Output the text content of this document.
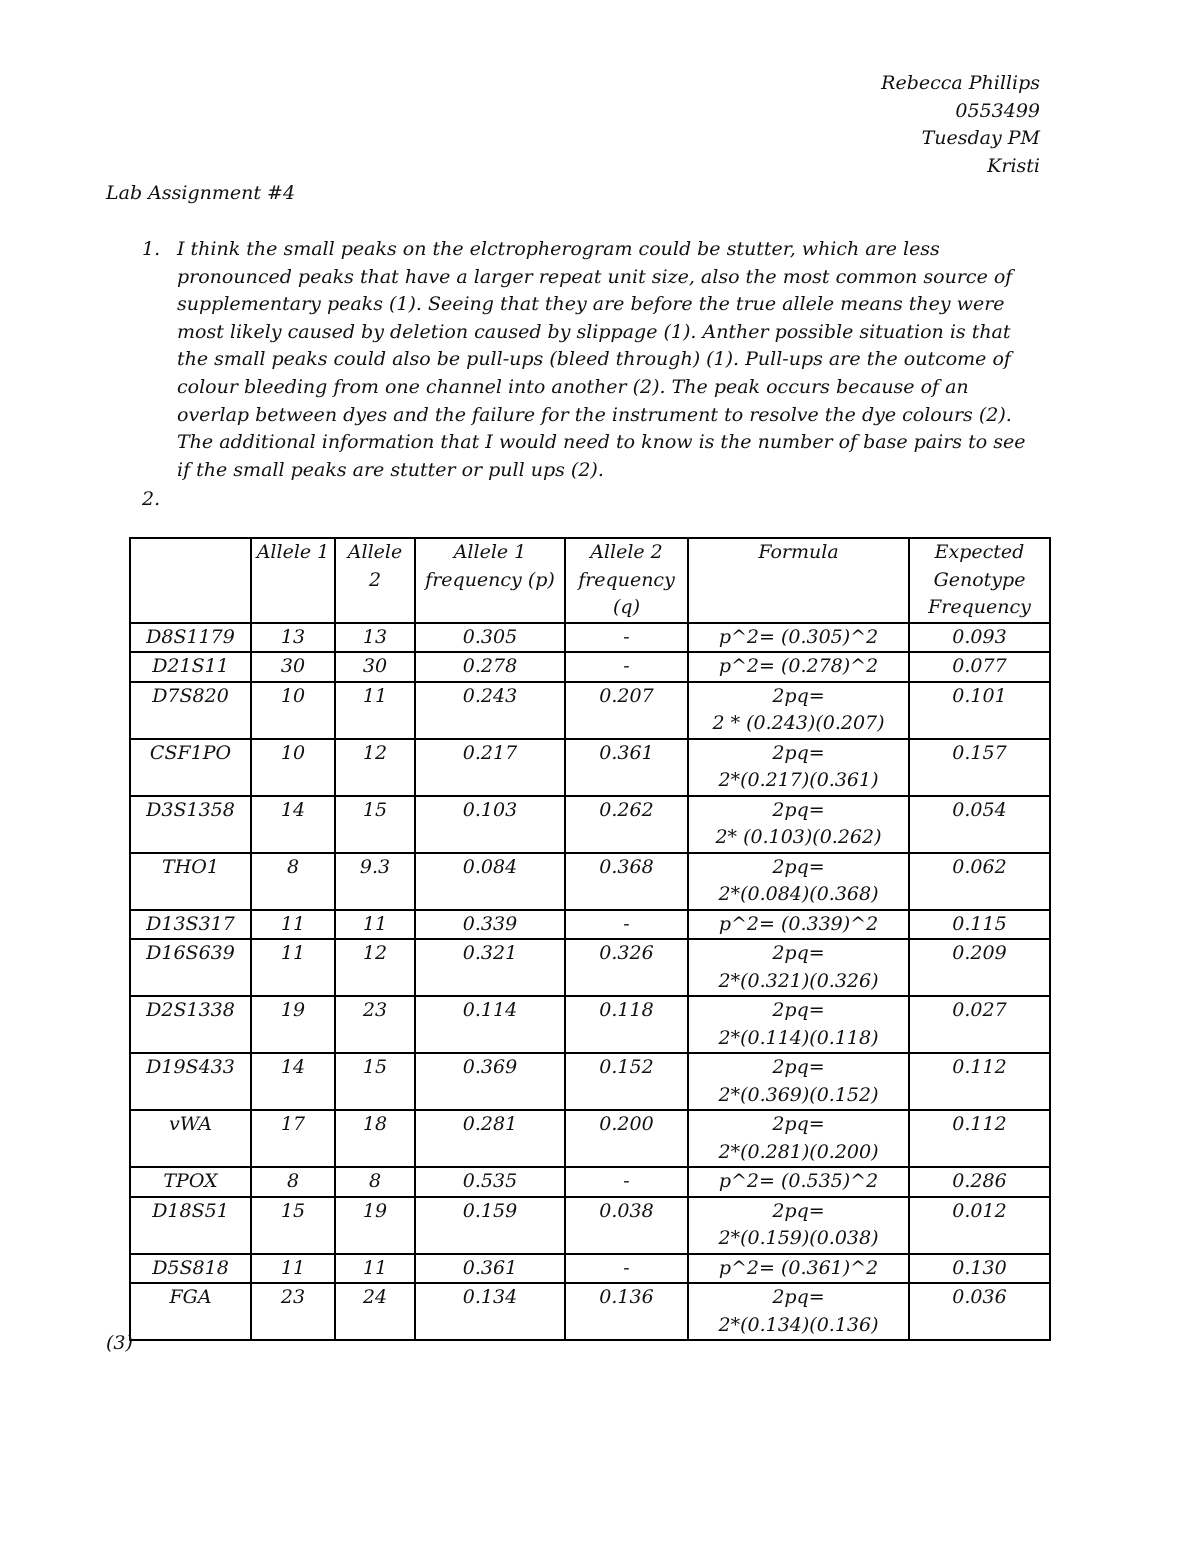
Rebecca Phillips
0553499
Tuesday PM
Kristi
Lab Assignment #4
1. I think the small peaks on the elctropherogram could be stutter, which are less pronounced peaks that have a larger repeat unit size, also the most common source of supplementary peaks (1). Seeing that they are before the true allele means they were most likely caused by deletion caused by slippage (1). Anther possible situation is that the small peaks could also be pull-ups (bleed through) (1). Pull-ups are the outcome of colour bleeding from one channel into another (2). The peak occurs because of an overlap between dyes and the failure for the instrument to resolve the dye colours (2). The additional information that I would need to know is the number of base pairs to see if the small peaks are stutter or pull ups (2).
2.
	Allele 1	Allele 2	Allele 1 frequency (p)	Allele 2 frequency (q)	Formula	Expected Genotype Frequency
D8S1179	13	13	0.305	-	p^2= (0.305)^2	0.093
D21S11	30	30	0.278	-	p^2= (0.278)^2	0.077
D7S820	10	11	0.243	0.207	2pq=
2 * (0.243)(0.207)	0.101
CSF1PO	10	12	0.217	0.361	2pq=
2*(0.217)(0.361)	0.157
D3S1358	14	15	0.103	0.262	2pq=
2* (0.103)(0.262)	0.054
THO1	8	9.3	0.084	0.368	2pq=
2*(0.084)(0.368)	0.062
D13S317	11	11	0.339	-	p^2= (0.339)^2	0.115
D16S639	11	12	0.321	0.326	2pq=
2*(0.321)(0.326)	0.209
D2S1338	19	23	0.114	0.118	2pq=
2*(0.114)(0.118)	0.027
D19S433	14	15	0.369	0.152	2pq=
2*(0.369)(0.152)	0.112
vWA	17	18	0.281	0.200	2pq=
2*(0.281)(0.200)	0.112
TPOX	8	8	0.535	-	p^2= (0.535)^2	0.286
D18S51	15	19	0.159	0.038	2pq=
2*(0.159)(0.038)	0.012
D5S818	11	11	0.361	-	p^2= (0.361)^2	0.130
FGA	23	24	0.134	0.136	2pq=
2*(0.134)(0.136)	0.036
(3)
